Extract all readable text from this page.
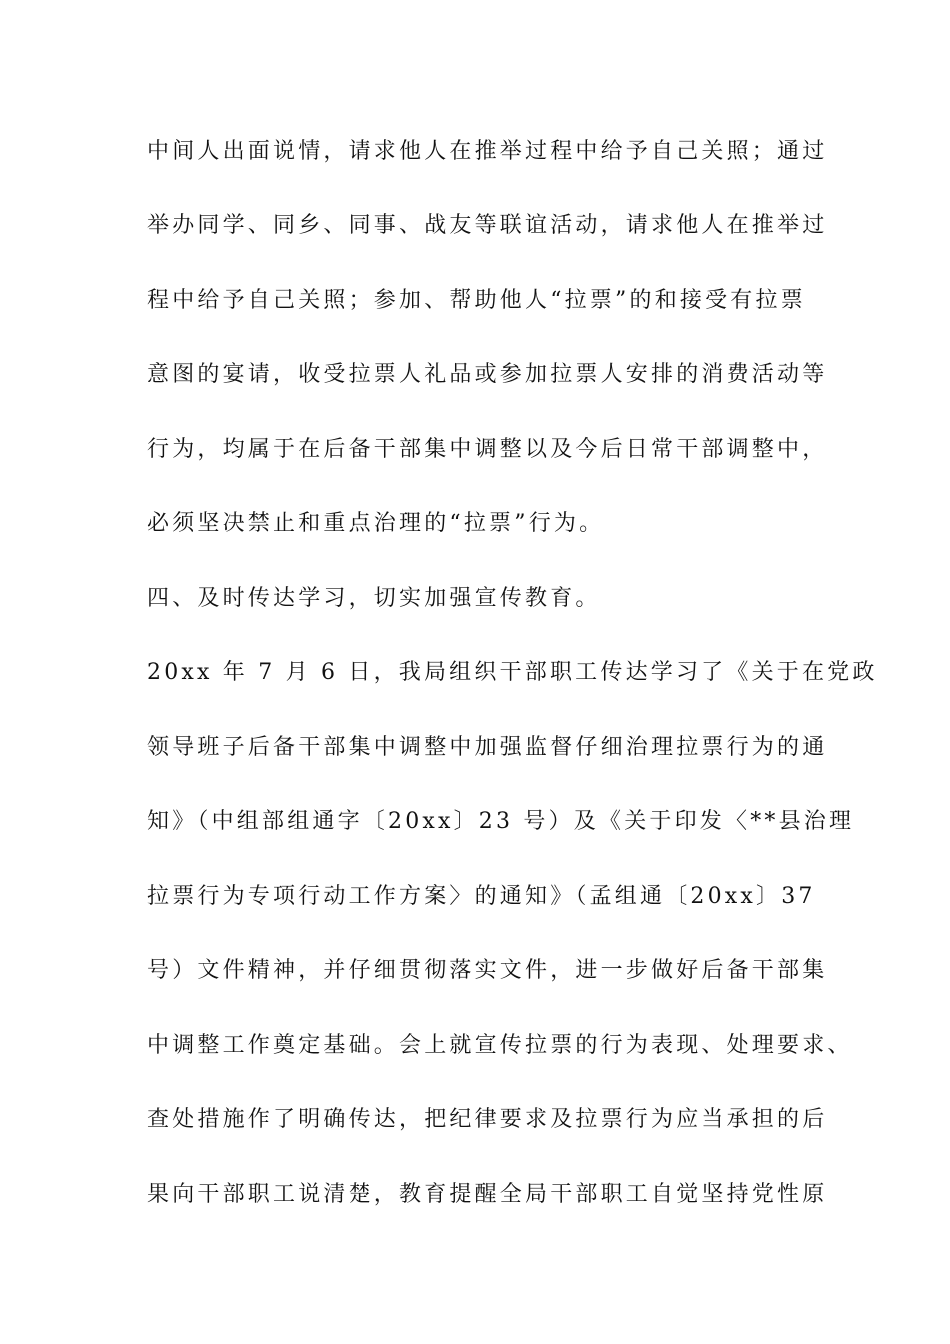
中间人出面说情，请求他人在推举过程中给予自己关照；通过
举办同学、同乡、同事、战友等联谊活动，请求他人在推举过
程中给予自己关照；参加、帮助他人“拉票”的和接受有拉票
意图的宴请，收受拉票人礼品或参加拉票人安排的消费活动等
行为，均属于在后备干部集中调整以及今后日常干部调整中，
必须坚决禁止和重点治理的“拉票”行为。
四、及时传达学习，切实加强宣传教育。
20xx 年 7 月 6 日，我局组织干部职工传达学习了《关于在党政
领导班子后备干部集中调整中加强监督仔细治理拉票行为的通
知》（中组部组通字〔20xx〕23 号）及《关于印发〈**县治理
拉票行为专项行动工作方案〉的通知》（孟组通〔20xx〕37
号）文件精神，并仔细贯彻落实文件，进一步做好后备干部集
中调整工作奠定基础。会上就宣传拉票的行为表现、处理要求、
查处措施作了明确传达，把纪律要求及拉票行为应当承担的后
果向干部职工说清楚，教育提醒全局干部职工自觉坚持党性原
